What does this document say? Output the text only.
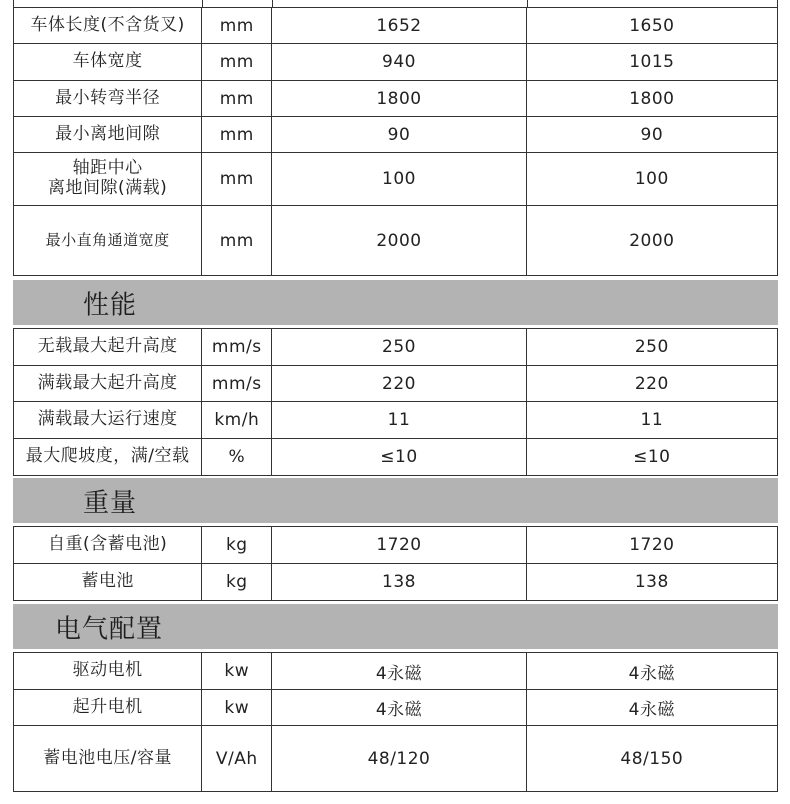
车体长度(不含货叉)	mm	1652	1650
车体宽度	mm	940	1015
最小转弯半径	mm	1800	1800
最小离地间隙	mm	90	90

轴距中心
离地间隙(满载)	mm	100	100
最小直角通道宽度	mm	2000	2000
性能
无载最大起升高度	mm/s	250	250
满载最大起升高度	mm/s	220	220
满载最大运行速度	km/h	11	11
最大爬坡度，满/空载	%	≤10	≤10
重量
自重(含蓄电池)	kg	1720	1720
蓄电池	kg	138	138
电气配置
驱动电机	kw	4永磁	4永磁
起升电机	kw	4永磁	4永磁
蓄电池电压/容量	V/Ah	48/120	48/150
